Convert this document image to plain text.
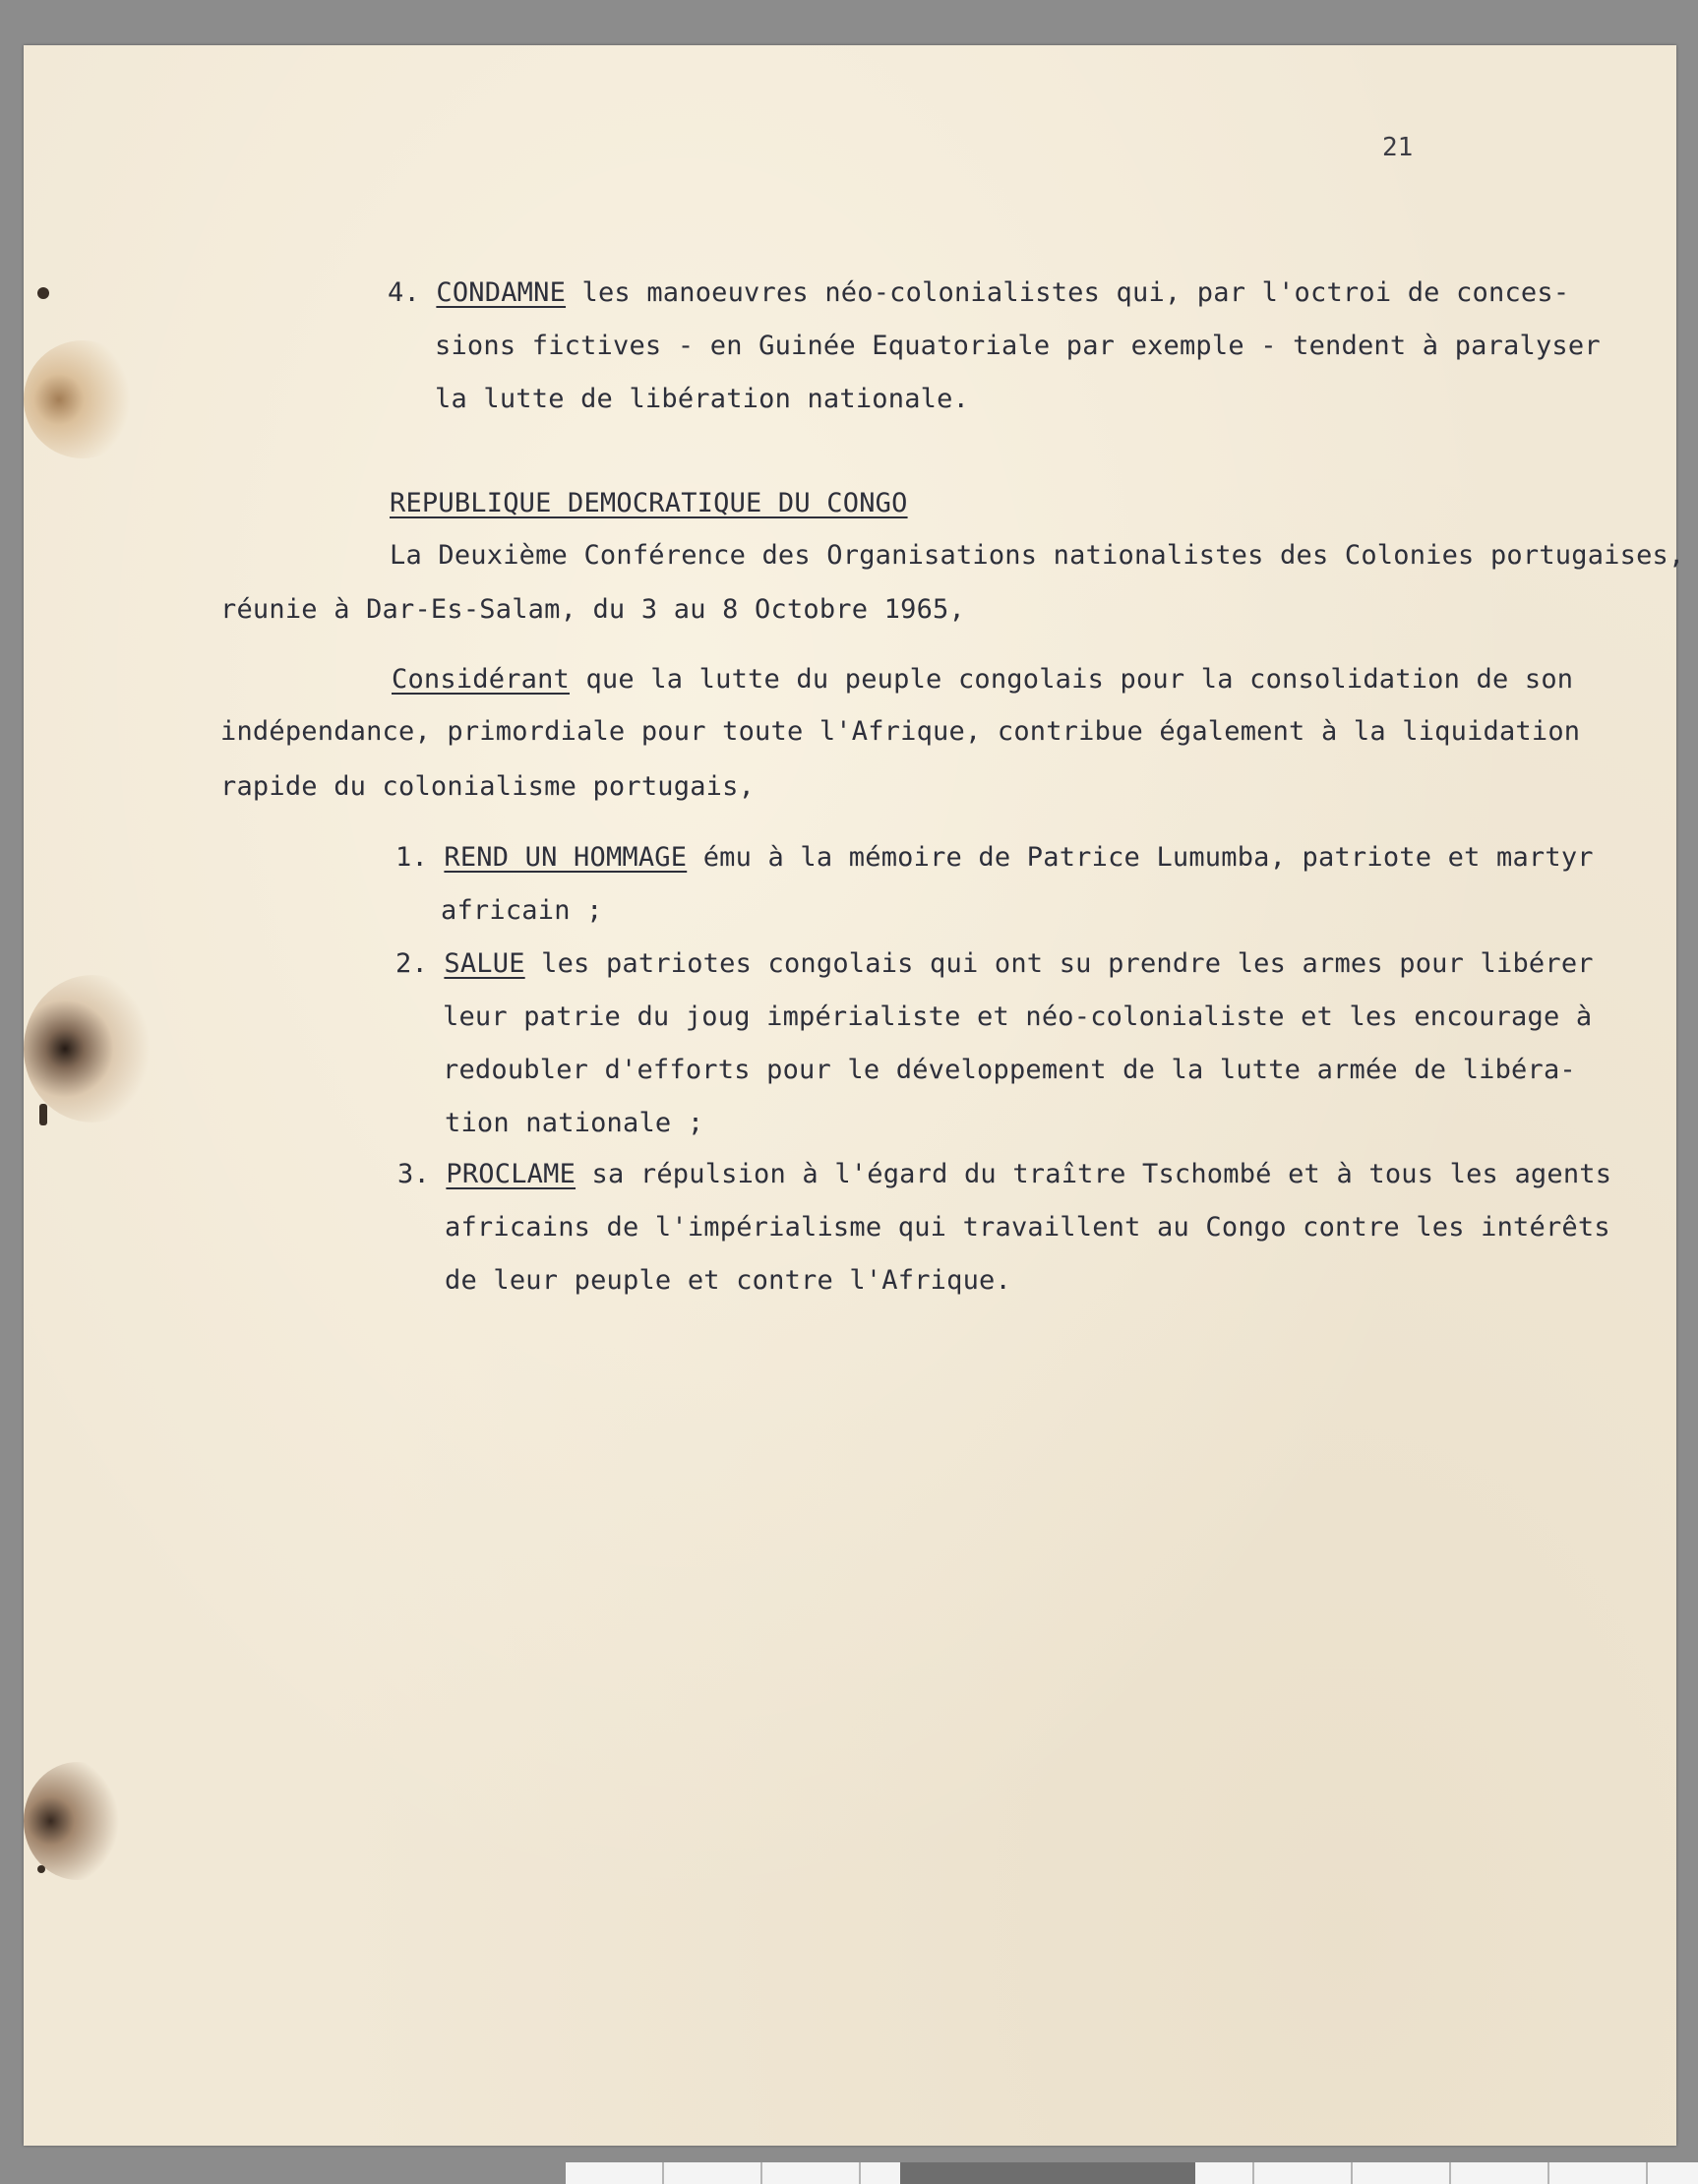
21
4. CONDAMNE les manoeuvres néo-colonialistes qui, par l'octroi de conces-
sions fictives - en Guinée Equatoriale par exemple - tendent à paralyser
la lutte de libération nationale.
REPUBLIQUE DEMOCRATIQUE DU CONGO
La Deuxième Conférence des Organisations nationalistes des Colonies portugaises,
réunie à Dar-Es-Salam, du 3 au 8 Octobre 1965,
Considérant que la lutte du peuple congolais pour la consolidation de son
indépendance, primordiale pour toute l'Afrique, contribue également à la liquidation
rapide du colonialisme portugais,
1. REND UN HOMMAGE ému à la mémoire de Patrice Lumumba, patriote et martyr
africain ;
2. SALUE les patriotes congolais qui ont su prendre les armes pour libérer
leur patrie du joug impérialiste et néo-colonialiste et les encourage à
redoubler d'efforts pour le développement de la lutte armée de libéra-
tion nationale ;
3. PROCLAME sa répulsion à l'égard du traître Tschombé et à tous les agents
africains de l'impérialisme qui travaillent au Congo contre les intérêts
de leur peuple et contre l'Afrique.
